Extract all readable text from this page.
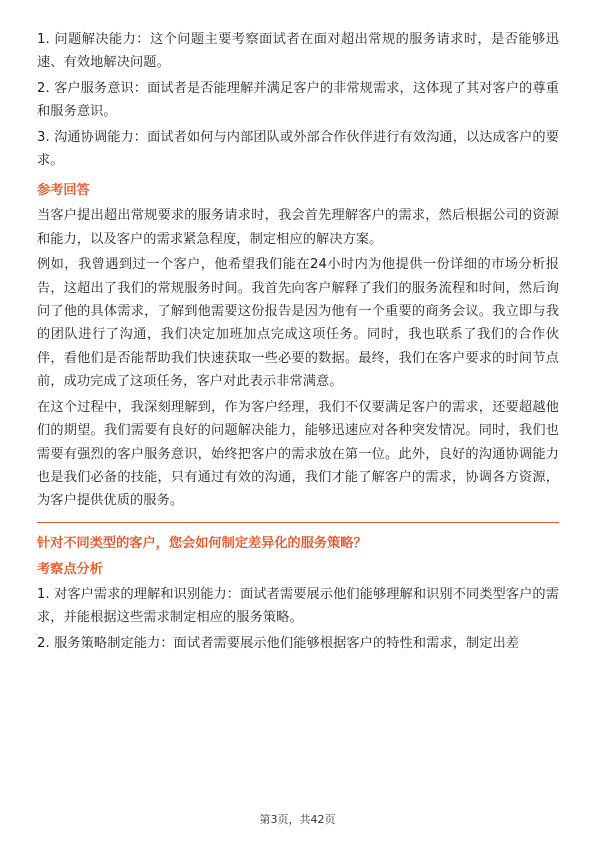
1. 问题解决能力：这个问题主要考察面试者在面对超出常规的服务请求时，是否能够迅速、有效地解决问题。

2. 客户服务意识：面试者是否能理解并满足客户的非常规需求，这体现了其对客户的尊重和服务意识。

3. 沟通协调能力：面试者如何与内部团队或外部合作伙伴进行有效沟通，以达成客户的要求。

参考回答

当客户提出超出常规要求的服务请求时，我会首先理解客户的需求，然后根据公司的资源和能力，以及客户的需求紧急程度，制定相应的解决方案。

例如，我曾遇到过一个客户，他希望我们能在24小时内为他提供一份详细的市场分析报告，这超出了我们的常规服务时间。我首先向客户解释了我们的服务流程和时间，然后询问了他的具体需求，了解到他需要这份报告是因为他有一个重要的商务会议。我立即与我的团队进行了沟通，我们决定加班加点完成这项任务。同时，我也联系了我们的合作伙伴，看他们是否能帮助我们快速获取一些必要的数据。最终，我们在客户要求的时间节点前，成功完成了这项任务，客户对此表示非常满意。

在这个过程中，我深刻理解到，作为客户经理，我们不仅要满足客户的需求，还要超越他们的期望。我们需要有良好的问题解决能力，能够迅速应对各种突发情况。同时，我们也需要有强烈的客户服务意识，始终把客户的需求放在第一位。此外，良好的沟通协调能力也是我们必备的技能，只有通过有效的沟通，我们才能了解客户的需求，协调各方资源，为客户提供优质的服务。

针对不同类型的客户，您会如何制定差异化的服务策略？
考察点分析

1. 对客户需求的理解和识别能力：面试者需要展示他们能够理解和识别不同类型客户的需求，并能根据这些需求制定相应的服务策略。

2. 服务策略制定能力：面试者需要展示他们能够根据客户的特性和需求，制定出差

第3页，共42页
